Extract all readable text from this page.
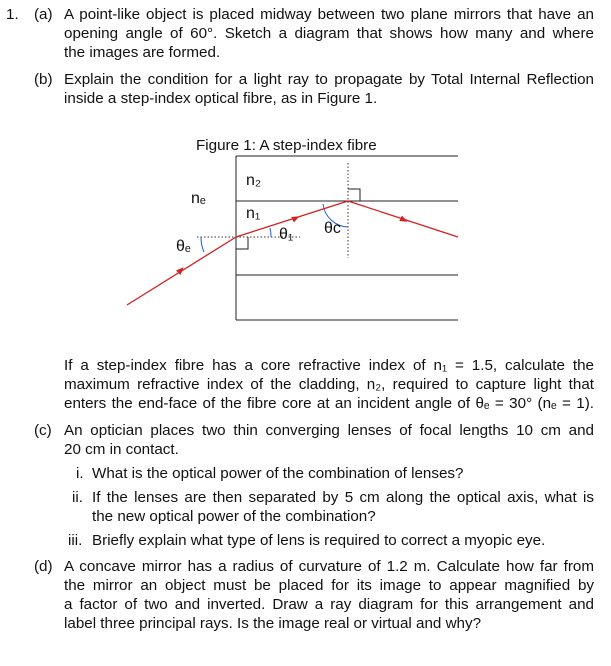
1. (a) A point-like object is placed midway between two plane mirrors that have an
opening angle of 60°. Sketch a diagram that shows how many and where
the images are formed.
(b) Explain the condition for a light ray to propagate by Total Internal Reflection
inside a step-index optical fibre, as in Figure 1.
Figure 1: A step-index fibre
n₂
n₁
nₑ
θₑ
θ₁ θc
If a step-index fibre has a core refractive index of n₁ = 1.5, calculate the
maximum refractive index of the cladding, n₂, required to capture light that
enters the end-face of the fibre core at an incident angle of θₑ = 30° (nₑ = 1).
(c) An optician places two thin converging lenses of focal lengths 10 cm and
20 cm in contact.
i. What is the optical power of the combination of lenses?
ii. If the lenses are then separated by 5 cm along the optical axis, what is
the new optical power of the combination?
iii. Briefly explain what type of lens is required to correct a myopic eye.
(d) A concave mirror has a radius of curvature of 1.2 m. Calculate how far from
the mirror an object must be placed for its image to appear magnified by
a factor of two and inverted. Draw a ray diagram for this arrangement and
label three principal rays. Is the image real or virtual and why?
